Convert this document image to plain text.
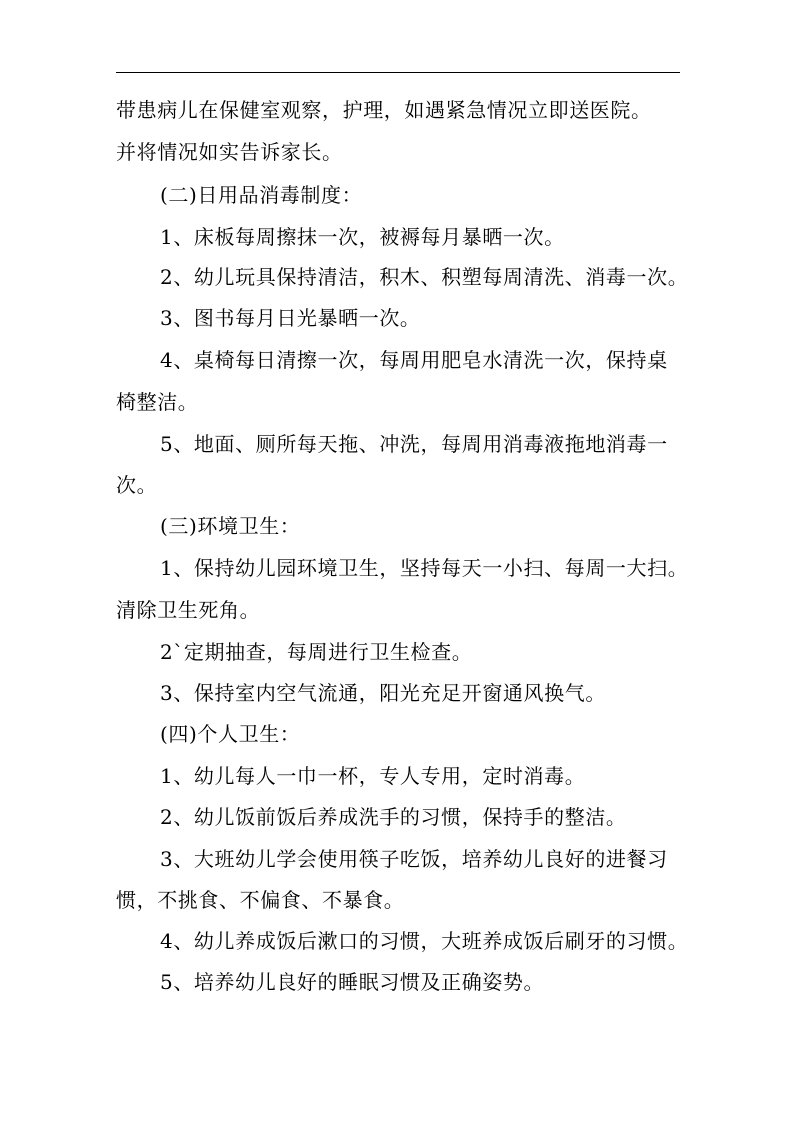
带患病儿在保健室观察，护理，如遇紧急情况立即送医院。
并将情况如实告诉家长。
(二)日用品消毒制度：
1、床板每周擦抹一次，被褥每月暴晒一次。
2、幼儿玩具保持清洁，积木、积塑每周清洗、消毒一次。
3、图书每月日光暴晒一次。
4、桌椅每日清擦一次，每周用肥皂水清洗一次，保持桌
椅整洁。
5、地面、厕所每天拖、冲洗，每周用消毒液拖地消毒一
次。
(三)环境卫生：
1、保持幼儿园环境卫生，坚持每天一小扫、每周一大扫。
清除卫生死角。
2`定期抽查，每周进行卫生检查。
3、保持室内空气流通，阳光充足开窗通风换气。
(四)个人卫生：
1、幼儿每人一巾一杯，专人专用，定时消毒。
2、幼儿饭前饭后养成洗手的习惯，保持手的整洁。
3、大班幼儿学会使用筷子吃饭，培养幼儿良好的进餐习
惯，不挑食、不偏食、不暴食。
4、幼儿养成饭后漱口的习惯，大班养成饭后刷牙的习惯。
5、培养幼儿良好的睡眠习惯及正确姿势。
